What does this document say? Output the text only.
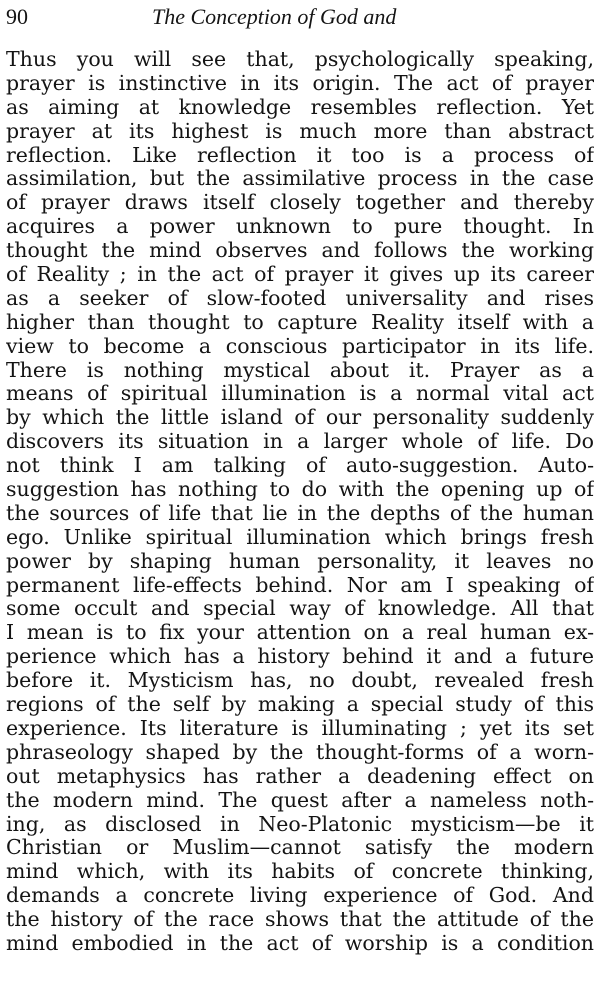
90	The Conception of God and
Thus you will see that, psychologically speaking,
prayer is instinctive in its origin. The act of prayer
as aiming at knowledge resembles reflection. Yet
prayer at its highest is much more than abstract
reflection. Like reflection it too is a process of
assimilation, but the assimilative process in the case
of prayer draws itself closely together and thereby
acquires a power unknown to pure thought. In
thought the mind observes and follows the working
of Reality ; in the act of prayer it gives up its career
as a seeker of slow-footed universality and rises
higher than thought to capture Reality itself with a
view to become a conscious participator in its life.
There is nothing mystical about it. Prayer as a
means of spiritual illumination is a normal vital act
by which the little island of our personality suddenly
discovers its situation in a larger whole of life. Do
not think I am talking of auto-suggestion. Auto-
suggestion has nothing to do with the opening up of
the sources of life that lie in the depths of the human
ego. Unlike spiritual illumination which brings fresh
power by shaping human personality, it leaves no
permanent life-effects behind. Nor am I speaking of
some occult and special way of knowledge. All that
I mean is to fix your attention on a real human ex-
perience which has a history behind it and a future
before it. Mysticism has, no doubt, revealed fresh
regions of the self by making a special study of this
experience. Its literature is illuminating ; yet its set
phraseology shaped by the thought-forms of a worn-
out metaphysics has rather a deadening effect on
the modern mind. The quest after a nameless noth-
ing, as disclosed in Neo-Platonic mysticism—be it
Christian or Muslim—cannot satisfy the modern
mind which, with its habits of concrete thinking,
demands a concrete living experience of God. And
the history of the race shows that the attitude of the
mind embodied in the act of worship is a condition
